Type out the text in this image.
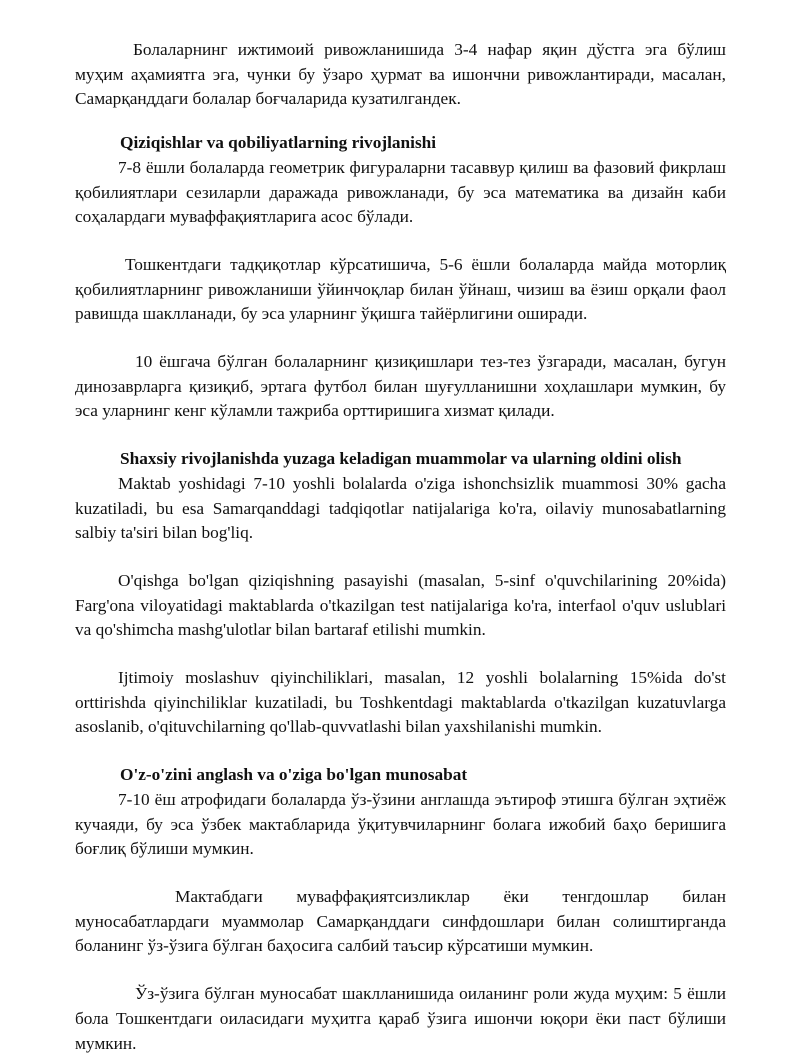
Болаларнинг ижтимоий ривожланишида 3-4 нафар яқин дўстга эга бўлиш муҳим аҳамиятга эга, чунки бу ўзаро ҳурмат ва ишончни ривожлантиради, масалан, Самарқанддаги болалар боғчаларида кузатилгандек.

Qiziqishlar va qobiliyatlarning rivojlanishi

7-8 ёшли болаларда геометрик фигураларни тасаввур қилиш ва фазовий фикрлаш қобилиятлари сезиларли даражада ривожланади, бу эса математика ва дизайн каби соҳалардаги муваффақиятларига асос бўлади.

Тошкентдаги тадқиқотлар кўрсатишича, 5-6 ёшли болаларда майда моторлиқ қобилиятларнинг ривожланиши ўйинчоқлар билан ўйнаш, чизиш ва ёзиш орқали фаол равишда шаклланади, бу эса уларнинг ўқишга тайёрлигини оширади.

10 ёшгача бўлган болаларнинг қизиқишлари тез-тез ўзгаради, масалан, бугун динозаврларга қизиқиб, эртага футбол билан шуғулланишни хоҳлашлари мумкин, бу эса уларнинг кенг кўламли тажриба орттиришига хизмат қилади.

Shaxsiy rivojlanishda yuzaga keladigan muammolar va ularning oldini olish

Maktab yoshidagi 7-10 yoshli bolalarda o'ziga ishonchsizlik muammosi 30% gacha kuzatiladi, bu esa Samarqanddagi tadqiqotlar natijalariga ko'ra, oilaviy munosabatlarning salbiy ta'siri bilan bog'liq.

O'qishga bo'lgan qiziqishning pasayishi (masalan, 5-sinf o'quvchilarining 20%ida) Farg'ona viloyatidagi maktablarda o'tkazilgan test natijalariga ko'ra, interfaol o'quv uslublari va qo'shimcha mashg'ulotlar bilan bartaraf etilishi mumkin.

Ijtimoiy moslashuv qiyinchiliklari, masalan, 12 yoshli bolalarning 15%ida do'st orttirishda qiyinchiliklar kuzatiladi, bu Toshkentdagi maktablarda o'tkazilgan kuzatuvlarga asoslanib, o'qituvchilarning qo'llab-quvvatlashi bilan yaxshilanishi mumkin.

O'z-o'zini anglash va o'ziga bo'lgan munosabat

7-10 ёш атрофидаги болаларда ўз-ўзини англашда эътироф этишга бўлган эҳтиёж кучаяди, бу эса ўзбек мактабларида ўқитувчиларнинг болага ижобий баҳо беришига боғлиқ бўлиши мумкин.

Мактабдаги муваффақиятсизликлар ёки тенгдошлар билан муносабатлардаги муаммолар Самарқанддаги синфдошлари билан солиштирганда боланинг ўз-ўзига бўлган баҳосига салбий таъсир кўрсатиши мумкин.

Ўз-ўзига бўлган муносабат шаклланишида оиланинг роли жуда муҳим: 5 ёшли бола Тошкентдаги оиласидаги муҳитга қараб ўзига ишончи юқори ёки паст бўлиши мумкин.
